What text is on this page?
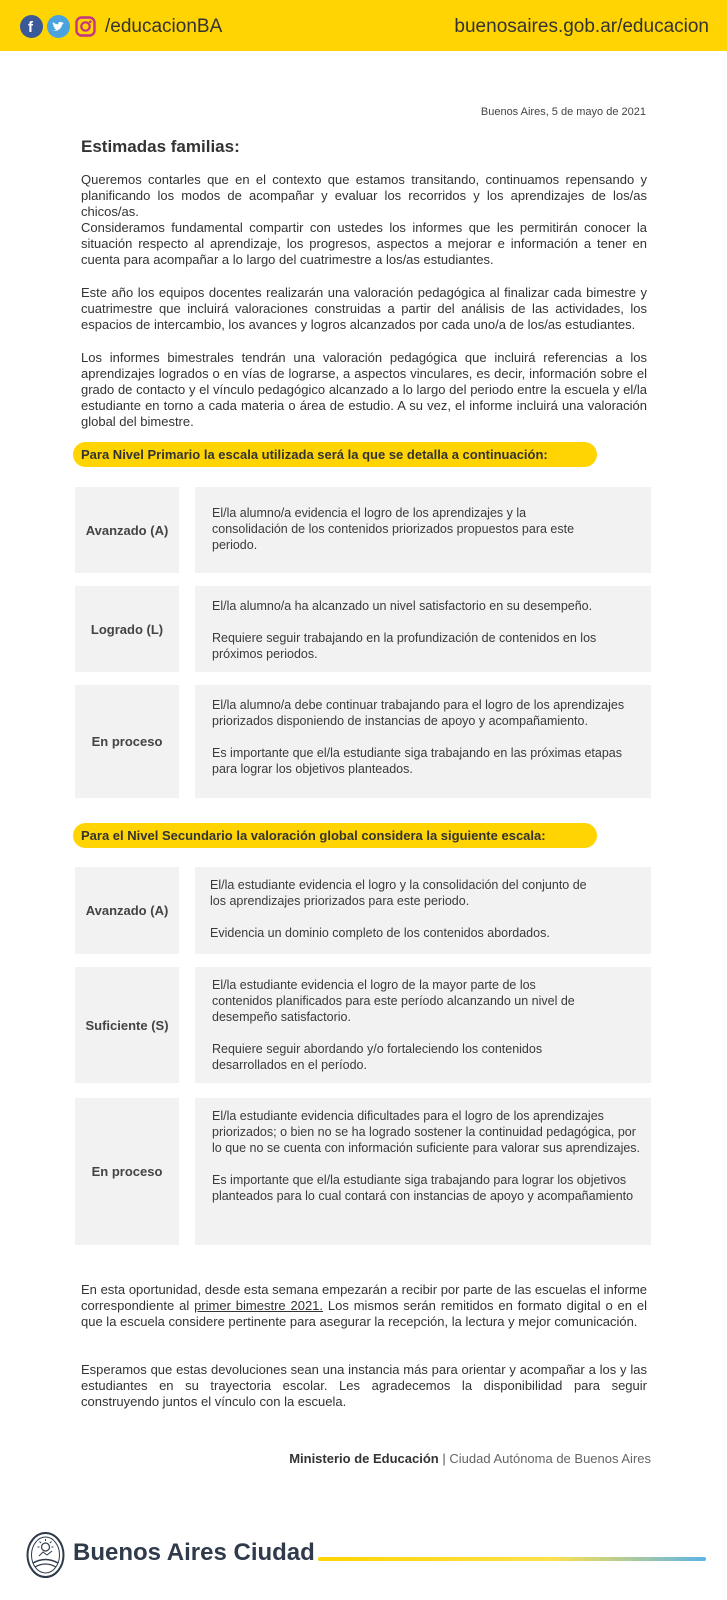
f	/educacionBA	buenosaires.gob.ar/educacion
Buenos Aires, 5 de mayo de 2021
Estimadas familias:
Queremos contarles que en el contexto que estamos transitando, continuamos repensando y planificando los modos de acompañar y evaluar los recorridos y los aprendizajes de los/as chicos/as.
Consideramos fundamental compartir con ustedes los informes que les permitirán conocer la situación respecto al aprendizaje, los progresos, aspectos a mejorar e información a tener en cuenta para acompañar a lo largo del cuatrimestre a los/as estudiantes.
Este año los equipos docentes realizarán una valoración pedagógica al finalizar cada bimestre y cuatrimestre que incluirá valoraciones construidas a partir del análisis de las actividades, los espacios de intercambio, los avances y logros alcanzados por cada uno/a de los/as estudiantes.
Los informes bimestrales tendrán una valoración pedagógica que incluirá referencias a los aprendizajes logrados o en vías de lograrse, a aspectos vinculares, es decir, información sobre el grado de contacto y el vínculo pedagógico alcanzado a lo largo del periodo entre la escuela y el/la estudiante en torno a cada materia o área de estudio. A su vez, el informe incluirá una valoración global del bimestre.
Para Nivel Primario la escala utilizada será la que se detalla a continuación:
Avanzado (A)

El/la alumno/a evidencia el logro de los aprendizajes y la consolidación de los contenidos priorizados propuestos para este periodo.

Logrado (L)

El/la alumno/a ha alcanzado un nivel satisfactorio en su desempeño.

Requiere seguir trabajando en la profundización de contenidos en los próximos periodos.

En proceso

El/la alumno/a debe continuar trabajando para el logro de los aprendizajes priorizados disponiendo de instancias de apoyo y acompañamiento.

Es importante que el/la estudiante siga trabajando en las próximas etapas para lograr los objetivos planteados.

Para el Nivel Secundario la valoración global considera la siguiente escala:
Avanzado (A)

El/la estudiante evidencia el logro y la consolidación del conjunto de los aprendizajes priorizados para este periodo.

Evidencia un dominio completo de los contenidos abordados.

Suficiente (S)

El/la estudiante evidencia el logro de la mayor parte de los contenidos planificados para este período alcanzando un nivel de desempeño satisfactorio.

Requiere seguir abordando y/o fortaleciendo los contenidos desarrollados en el período.

En proceso

El/la estudiante evidencia dificultades para el logro de los aprendizajes priorizados; o bien no se ha logrado sostener la continuidad pedagógica, por lo que no se cuenta con información suficiente para valorar sus aprendizajes.

Es importante que el/la estudiante siga trabajando para lograr los objetivos planteados para lo cual contará con instancias de apoyo y acompañamiento

En esta oportunidad, desde esta semana empezarán a recibir por parte de las escuelas el informe correspondiente al primer bimestre 2021. Los mismos serán remitidos en formato digital o en el que la escuela considere pertinente para asegurar la recepción, la lectura y mejor comunicación.
Esperamos que estas devoluciones sean una instancia más para orientar y acompañar a los y las estudiantes en su trayectoria escolar. Les agradecemos la disponibilidad para seguir construyendo juntos el vínculo con la escuela.
Ministerio de Educación | Ciudad Autónoma de Buenos Aires
Buenos Aires Ciudad
